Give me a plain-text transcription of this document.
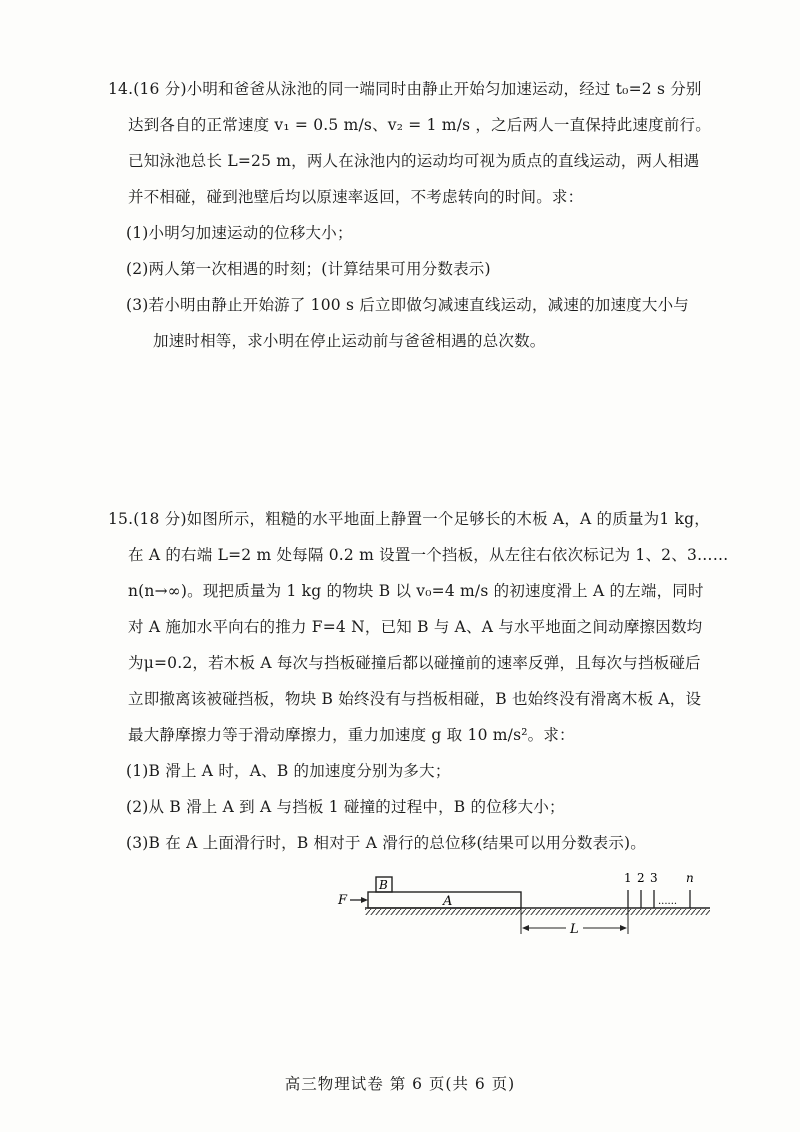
14.(16 分)小明和爸爸从泳池的同一端同时由静止开始匀加速运动，经过 t₀=2 s 分别
达到各自的正常速度 v₁ = 0.5 m/s、v₂ = 1 m/s ，之后两人一直保持此速度前行。
已知泳池总长 L=25 m，两人在泳池内的运动均可视为质点的直线运动，两人相遇
并不相碰，碰到池壁后均以原速率返回，不考虑转向的时间。求：
(1)小明匀加速运动的位移大小；
(2)两人第一次相遇的时刻；(计算结果可用分数表示)
(3)若小明由静止开始游了 100 s 后立即做匀减速直线运动，减速的加速度大小与
加速时相等，求小明在停止运动前与爸爸相遇的总次数。
15.(18 分)如图所示，粗糙的水平地面上静置一个足够长的木板 A，A 的质量为1 kg，
在 A 的右端 L=2 m 处每隔 0.2 m 设置一个挡板，从左往右依次标记为 1、2、3……
n(n→∞)。现把质量为 1 kg 的物块 B 以 v₀=4 m/s 的初速度滑上 A 的左端，同时
对 A 施加水平向右的推力 F=4 N，已知 B 与 A、A 与水平地面之间动摩擦因数均
为μ=0.2，若木板 A 每次与挡板碰撞后都以碰撞前的速率反弹，且每次与挡板碰后
立即撤离该被碰挡板，物块 B 始终没有与挡板相碰，B 也始终没有滑离木板 A，设
最大静摩擦力等于滑动摩擦力，重力加速度 g 取 10 m/s²。求：
(1)B 滑上 A 时，A、B 的加速度分别为多大；
(2)从 B 滑上 A 到 A 与挡板 1 碰撞的过程中，B 的位移大小；
(3)B 在 A 上面滑行时，B 相对于 A 滑行的总位移(结果可以用分数表示)。
A
B
F
1 2 3 n
......
L
高三物理试卷 第 6 页(共 6 页)
